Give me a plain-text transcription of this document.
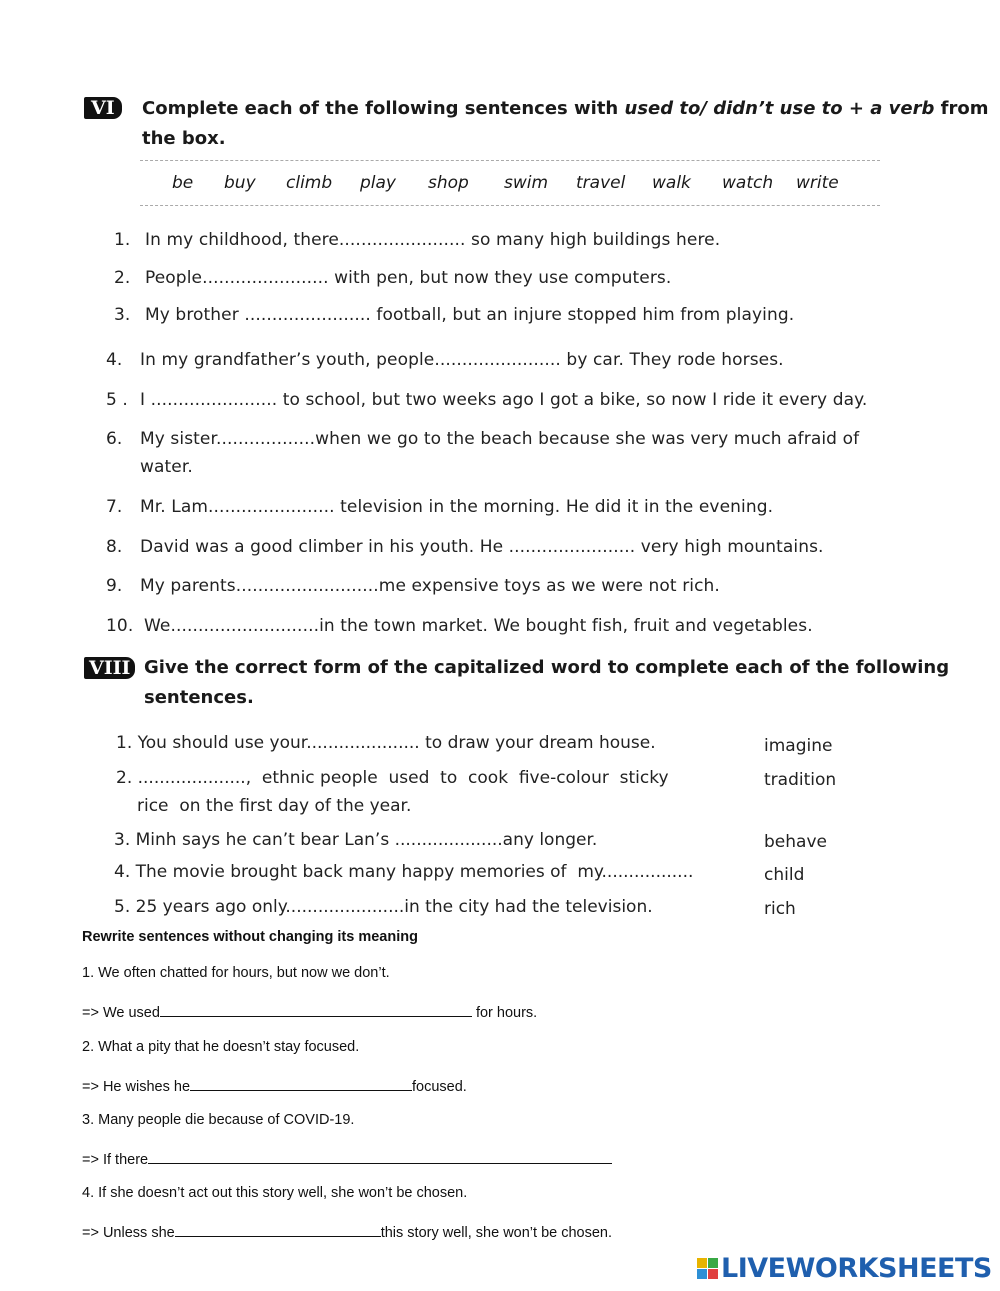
VI	Complete each of the following sentences with used to/ didn’t use to + a verb from
the box.
be buy climb play shop swim travel walk watch write
1. In my childhood, there....................... so many high buildings here.
2. People....................... with pen, but now they use computers.
3. My brother ....................... football, but an injure stopped him from playing.
4. In my grandfather’s youth, people....................... by car. They rode horses.
5 . I ....................... to school, but two weeks ago I got a bike, so now I ride it every day.
6. My sister..................when we go to the beach because she was very much afraid of
water.
7. Mr. Lam....................... television in the morning. He did it in the evening.
8. David was a good climber in his youth. He ....................... very high mountains.
9. My parents..........................me expensive toys as we were not rich.
10. We...........................in the town market. We bought fish, fruit and vegetables.
VIII Give the correct form of the capitalized word to complete each of the following
sentences.
1. You should use your..................... to draw your dream house.	imagine
2. ....................,  ethnic people  used  to  cook  five-colour  sticky	tradition
rice  on the first day of the year.
3. Minh says he can’t bear Lan’s ....................any longer.	behave
4. The movie brought back many happy memories of  my.................	child
5. 25 years ago only......................in the city had the television.	rich
Rewrite sentences without changing its meaning
1. We often chatted for hours, but now we don’t.
=> We used	for hours.
2. What a pity that he doesn’t stay focused.
=> He wishes he	focused.
3. Many people die because of COVID-19.
=> If there
4. If she doesn’t act out this story well, she won’t be chosen.
=> Unless she	this story well, she won’t be chosen.
LIVEWORKSHEETS
